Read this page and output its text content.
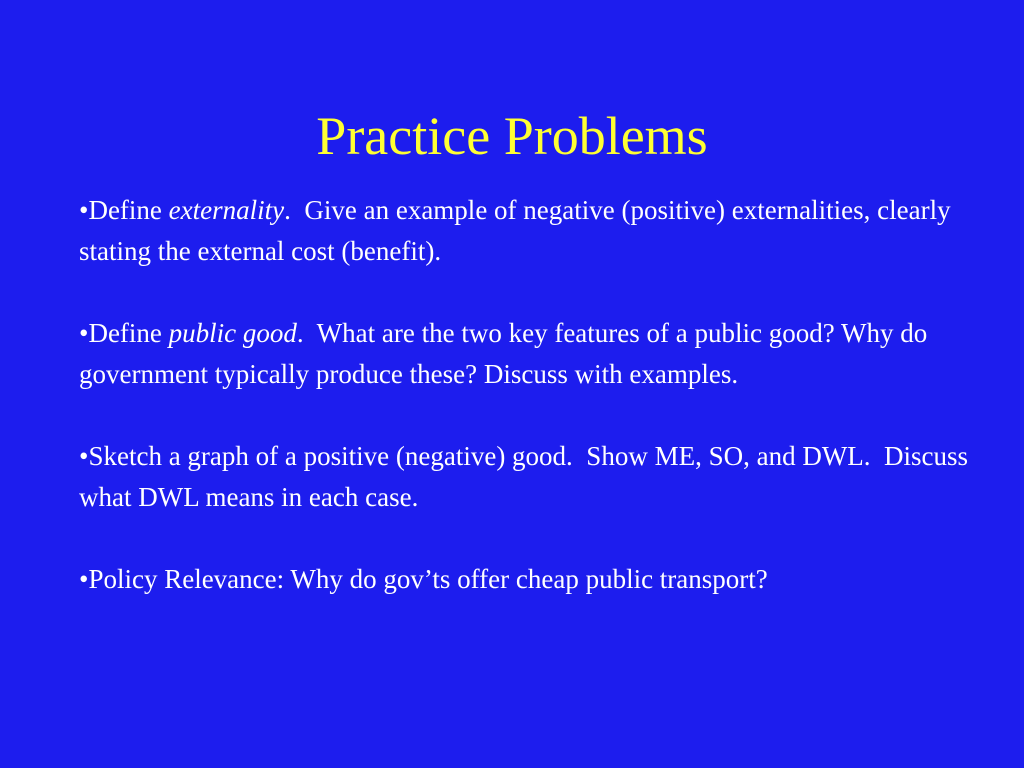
Practice Problems

•Define externality.  Give an example of negative (positive) externalities, clearly stating the external cost (benefit).

•Define public good.  What are the two key features of a public good? Why do government typically produce these? Discuss with examples.

•Sketch a graph of a positive (negative) good.  Show ME, SO, and DWL.  Discuss what DWL means in each case.

•Policy Relevance: Why do gov’ts offer cheap public transport?
